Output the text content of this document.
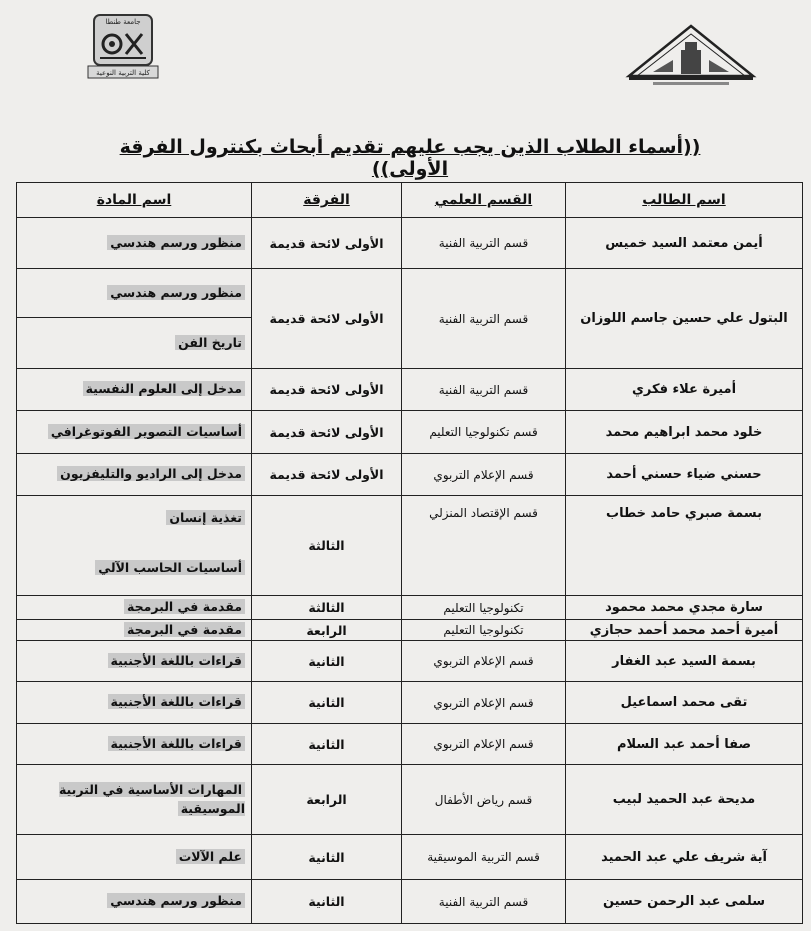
جامعة طنطا
كلية التربية النوعية
((أسماء الطلاب الذين يجب عليهم تقديم أبحاث بكنترول الفرقة الأولى))
اسم الطالب	القسم العلمي	الفرقة	اسم المادة
أيمن معتمد السيد خميس	قسم التربية الفنية	الأولى لائحة قديمة	منظور ورسم هندسي
البتول علي حسين جاسم اللوزان	قسم التربية الفنية	الأولى لائحة قديمة	منظور ورسم هندسي
			تاريخ الفن
أميرة علاء فكري	قسم التربية الفنية	الأولى لائحة قديمة	مدخل إلى العلوم النفسية
خلود محمد ابراهيم محمد	قسم تكنولوجيا التعليم	الأولى لائحة قديمة	أساسيات التصوير الفوتوغرافي
حسني ضياء حسني أحمد	قسم الإعلام التربوي	الأولى لائحة قديمة	مدخل إلى الراديو والتليفزيون
بسمة صبري حامد خطاب	قسم الإقتصاد المنزلي	الثالثة	تغذية إنسان
			أساسيات الحاسب الآلي
سارة مجدي محمد محمود	تكنولوجيا التعليم	الثالثة	مقدمة في البرمجة
أميرة أحمد محمد أحمد حجازي	تكنولوجيا التعليم	الرابعة	مقدمة في البرمجة
بسمة السيد عبد الغفار	قسم الإعلام التربوي	الثانية	قراءات باللغة الأجنبية
تقى محمد اسماعيل	قسم الإعلام التربوي	الثانية	قراءات باللغة الأجنبية
صفا أحمد عبد السلام	قسم الإعلام التربوي	الثانية	قراءات باللغة الأجنبية
مديحة عبد الحميد لبيب	قسم رياض الأطفال	الرابعة	المهارات الأساسية في التربية الموسيقية
آية شريف علي عبد الحميد	قسم التربية الموسيقية	الثانية	علم الآلات
سلمى عبد الرحمن حسين	قسم التربية الفنية	الثانية	منظور ورسم هندسي
